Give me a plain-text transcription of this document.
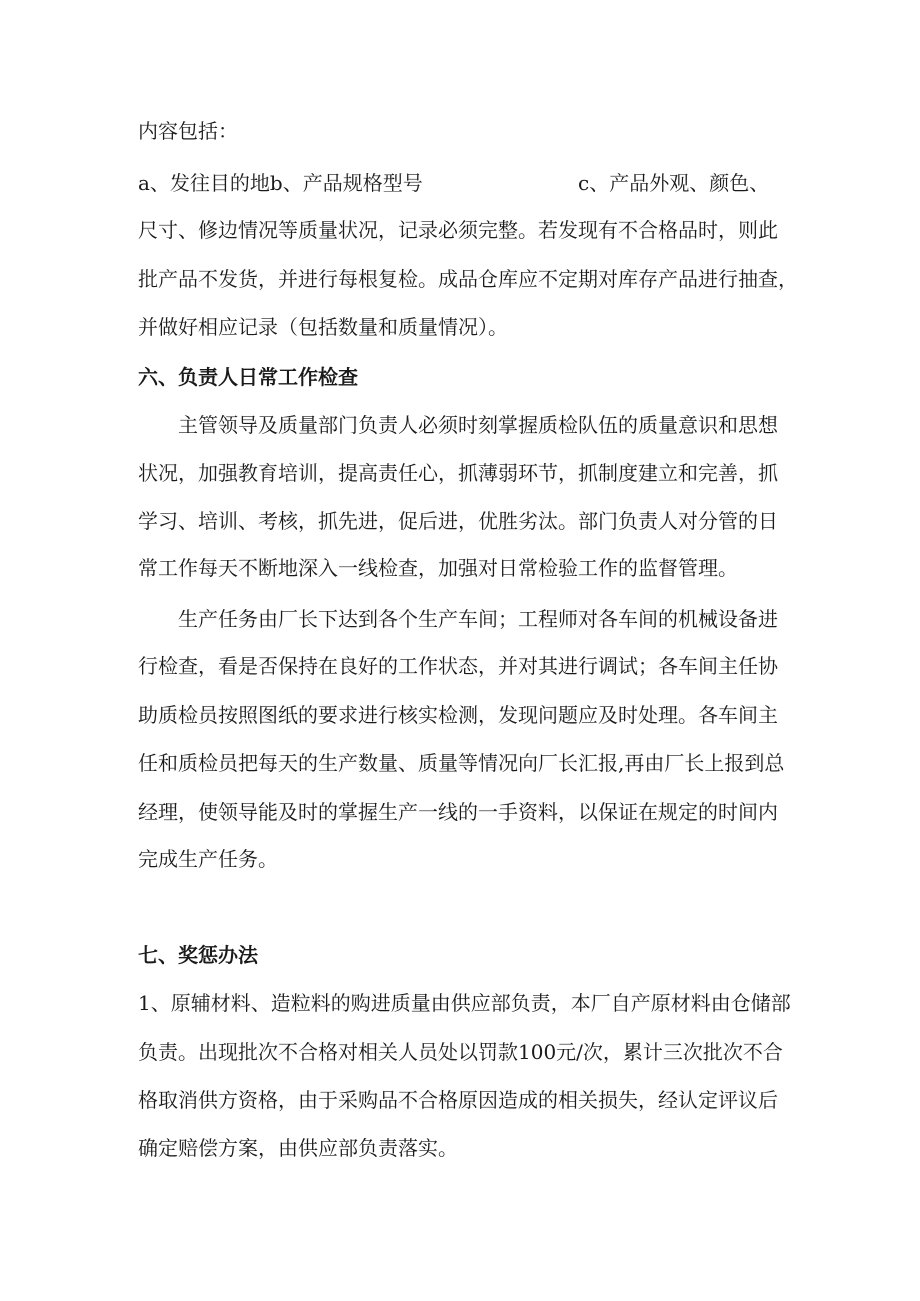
内容包括：
a、发往目的地b、产品规格型号	c、产品外观、颜色、
尺寸、修边情况等质量状况，记录必须完整。若发现有不合格品时，则此
批产品不发货，并进行每根复检。成品仓库应不定期对库存产品进行抽查，
并做好相应记录（包括数量和质量情况）。
六、负责人日常工作检查
主管领导及质量部门负责人必须时刻掌握质检队伍的质量意识和思想
状况，加强教育培训，提高责任心，抓薄弱环节，抓制度建立和完善，抓
学习、培训、考核，抓先进，促后进，优胜劣汰。部门负责人对分管的日
常工作每天不断地深入一线检查，加强对日常检验工作的监督管理。
生产任务由厂长下达到各个生产车间；工程师对各车间的机械设备进
行检查，看是否保持在良好的工作状态，并对其进行调试；各车间主任协
助质检员按照图纸的要求进行核实检测，发现问题应及时处理。各车间主
任和质检员把每天的生产数量、质量等情况向厂长汇报,再由厂长上报到总
经理，使领导能及时的掌握生产一线的一手资料，以保证在规定的时间内
完成生产任务。
七、奖惩办法
1、原辅材料、造粒料的购进质量由供应部负责，本厂自产原材料由仓储部
负责。出现批次不合格对相关人员处以罚款100元/次，累计三次批次不合
格取消供方资格，由于采购品不合格原因造成的相关损失，经认定评议后
确定赔偿方案，由供应部负责落实。
